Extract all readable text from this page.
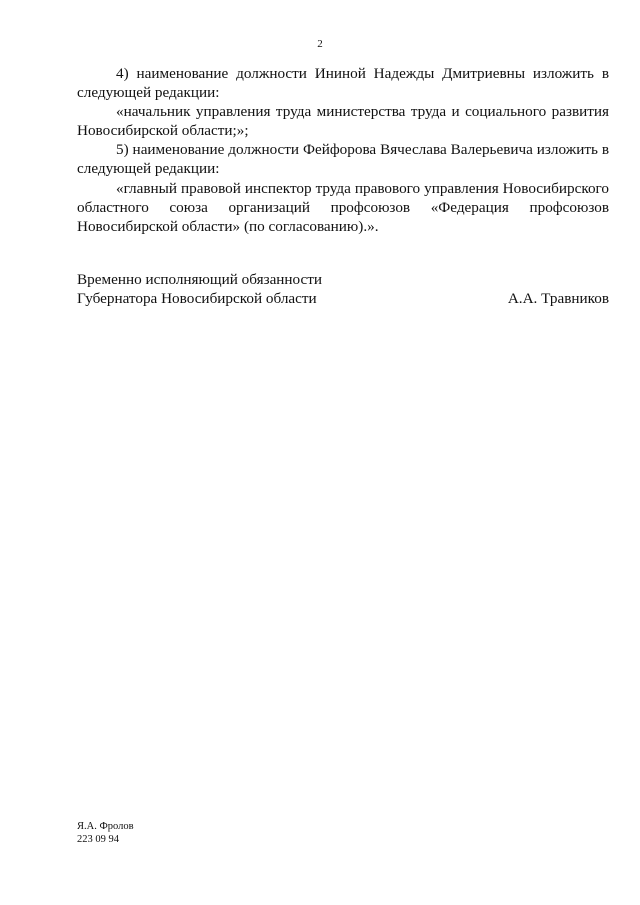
2

4) наименование должности Ининой Надежды Дмитриевны изложить в следующей редакции:

«начальник управления труда министерства труда и социального развития Новосибирской области;»;

5) наименование должности Фейфорова Вячеслава Валерьевича изложить в следующей редакции:

«главный правовой инспектор труда правового управления Новосибирского областного союза организаций профсоюзов «Федерация профсоюзов Новосибирской области» (по согласованию).».

Временно исполняющий обязанности
Губернатора Новосибирской области	А.А. Травников
Я.А. Фролов
223 09 94
